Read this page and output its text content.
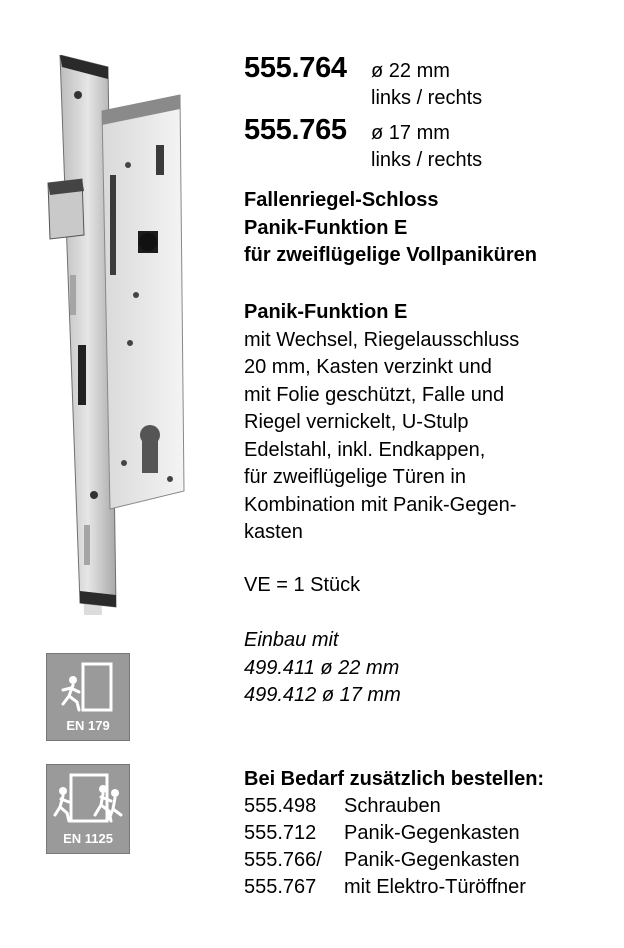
555.764 ø 22 mm
links / rechts
555.765 ø 17 mm
links / rechts
Fallenriegel-Schloss
Panik-Funktion E
für zweiflügelige Vollpaniküren
Panik-Funktion E
mit Wechsel, Riegelausschluss
20 mm, Kasten verzinkt und
mit Folie geschützt, Falle und
Riegel vernickelt, U-Stulp
Edelstahl, inkl. Endkappen,
für zweiflügelige Türen in
Kombination mit Panik-Gegen-
kasten
VE = 1 Stück
Einbau mit
499.411 ø 22 mm
499.412 ø 17 mm
EN 179
EN 1125
Bei Bedarf zusätzlich bestellen:
555.498 Schrauben
555.712 Panik-Gegenkasten
555.766/ Panik-Gegenkasten
555.767 mit Elektro-Türöffner
